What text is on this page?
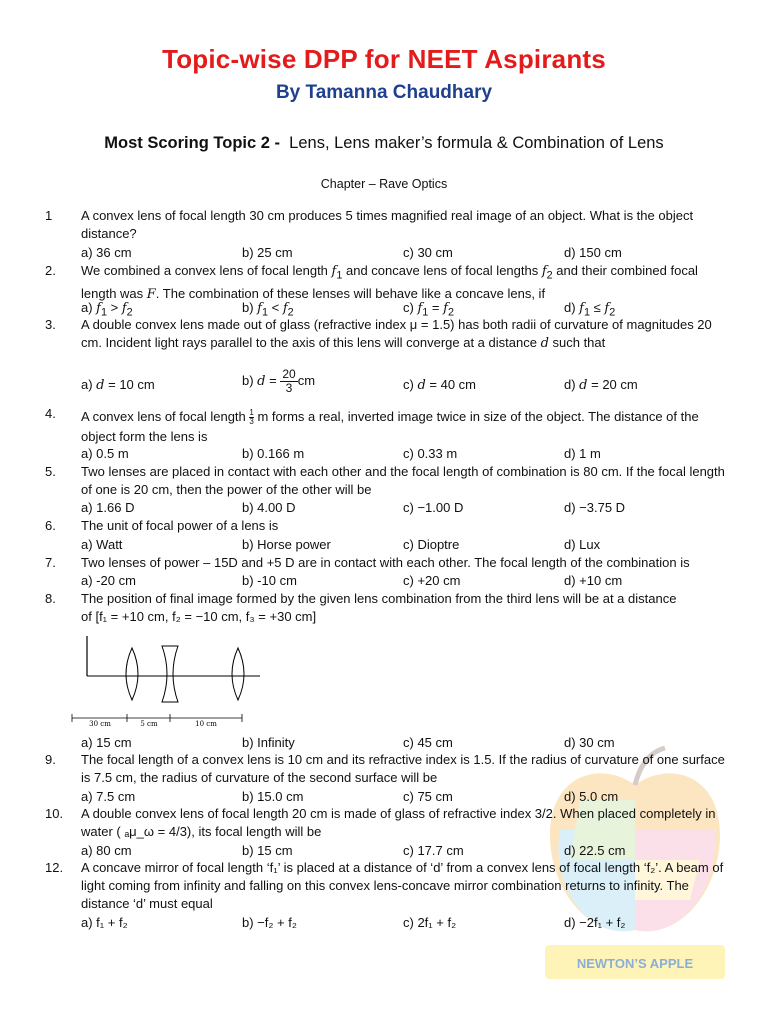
Topic-wise DPP for NEET Aspirants
By Tamanna Chaudhary
Most Scoring Topic 2 - Lens, Lens maker’s formula & Combination of Lens
Chapter – Rave Optics
NEWTON’S APPLE
1 A convex lens of focal length 30 cm produces 5 times magnified real image of an object. What is the object distance?
a) 36 cm	b) 25 cm	c) 30 cm	d) 150 cm
2. We combined a convex lens of focal length $f_1$ and concave lens of focal lengths $f_2$ and their combined focal length was F. The combination of these lenses will behave like a concave lens, if
a) $f_1 > f_2$	b) $f_1 < f_2$	c) $f_1 = f_2$	d) $f_1 \le f_2$
3. A double convex lens made out of glass (refractive index μ = 1.5) has both radii of curvature of magnitudes 20 cm. Incident light rays parallel to the axis of this lens will converge at a distance d such that
a) d = 10 cm	b) $d = \frac{20}{3}$ cm	c) d = 40 cm	d) d = 20 cm
4. A convex lens of focal length $\frac{1}{3}$ m forms a real, inverted image twice in size of the object. The distance of the object form the lens is
a) 0.5 m	b) 0.166 m	c) 0.33 m	d) 1 m
5. Two lenses are placed in contact with each other and the focal length of combination is 80 cm. If the focal length of one is 20 cm, then the power of the other will be
a) 1.66 D	b) 4.00 D	c) −1.00 D	d) −3.75 D
6. The unit of focal power of a lens is
a) Watt	b) Horse power	c) Dioptre	d) Lux
7. Two lenses of power – 15D and +5 D are in contact with each other. The focal length of the combination is
a) -20 cm	b) -10 cm	c) +20 cm	d) +10 cm
8. The position of final image formed by the given lens combination from the third lens will be at a distance
of [f₁ = +10 cm, f₂ = −10 cm, f₃ = +30 cm]
a) 15 cm	b) Infinity	c) 45 cm	d) 30 cm
30 cm	5 cm	10 cm
9. The focal length of a convex lens is 10 cm and its refractive index is 1.5. If the radius of curvature of one surface is 7.5 cm, the radius of curvature of the second surface will be
a) 7.5 cm	b) 15.0 cm	c) 75 cm	d) 5.0 cm
10. A double convex lens of focal length 20 cm is made of glass of refractive index 3/2. When placed completely in water ( ₐμ_ω = 4/3), its focal length will be
a) 80 cm	b) 15 cm	c) 17.7 cm	d) 22.5 cm
12. A concave mirror of focal length ‘f₁’ is placed at a distance of ‘d’ from a convex lens of focal length ‘f₂’. A beam of light coming from infinity and falling on this convex lens-concave mirror combination returns to infinity. The distance ‘d’ must equal
a) f₁ + f₂	b) −f₂ + f₂	c) 2f₁ + f₂	d) −2f₁ + f₂
